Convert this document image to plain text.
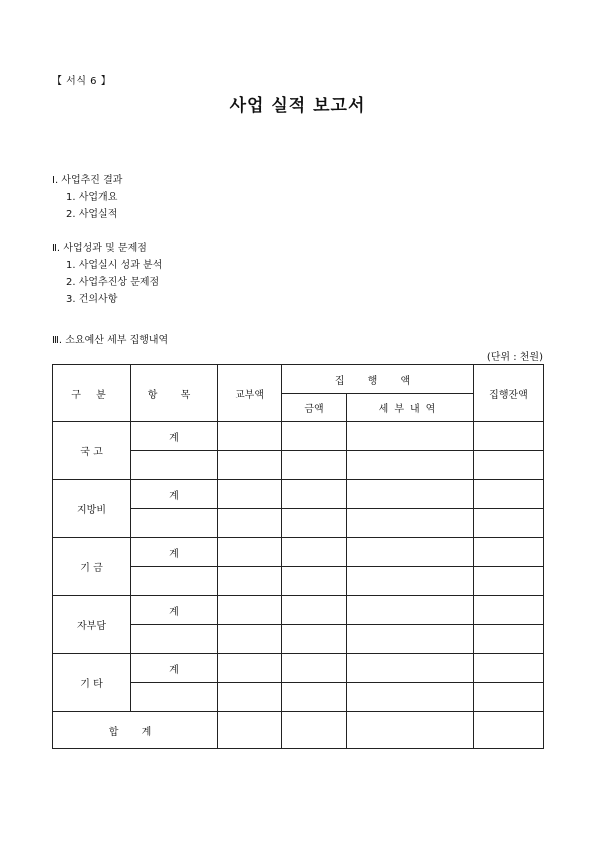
【 서식 6 】
사업 실적 보고서

Ⅰ. 사업추진 결과

1. 사업개요

2. 사업실적

Ⅱ. 사업성과 및 문제점

1. 사업실시 성과 분석

2. 사업추진상 문제점

3. 건의사항

Ⅲ. 소요예산 세부 집행내역
(단위 : 천원)
구 분	항 목	교부액	집 행 액		집행잔액
			금액	세부내역	
국 고	계				

지방비	계				

기 금	계				

자부담	계				

기 타	계				

합 계					
